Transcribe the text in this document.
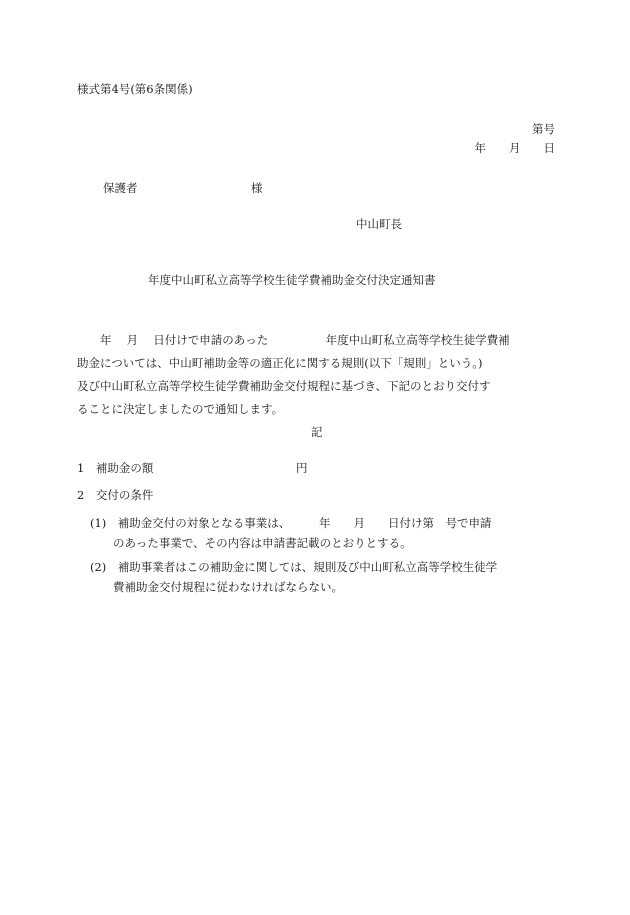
様式第4号(第6条関係)
第号
年　　月　　日
保護者	様
中山町長
年度中山町私立高等学校生徒学費補助金交付決定通知書

　　年　 月　 日付けで申請のあった　　　　　年度中山町私立高等学校生徒学費補

助金については、中山町補助金等の適正化に関する規則(以下「規則」という。)

及び中山町私立高等学校生徒学費補助金交付規程に基づき、下記のとおり交付す

ることに決定しましたので通知します。

記
1　補助金の額	円
2　交付の条件

(1)　補助金交付の対象となる事業は、　　　年　　月　　日付け第　号で申請

　　のあった事業で、その内容は申請書記載のとおりとする。

(2)　補助事業者はこの補助金に関しては、規則及び中山町私立高等学校生徒学

　　費補助金交付規程に従わなければならない。
